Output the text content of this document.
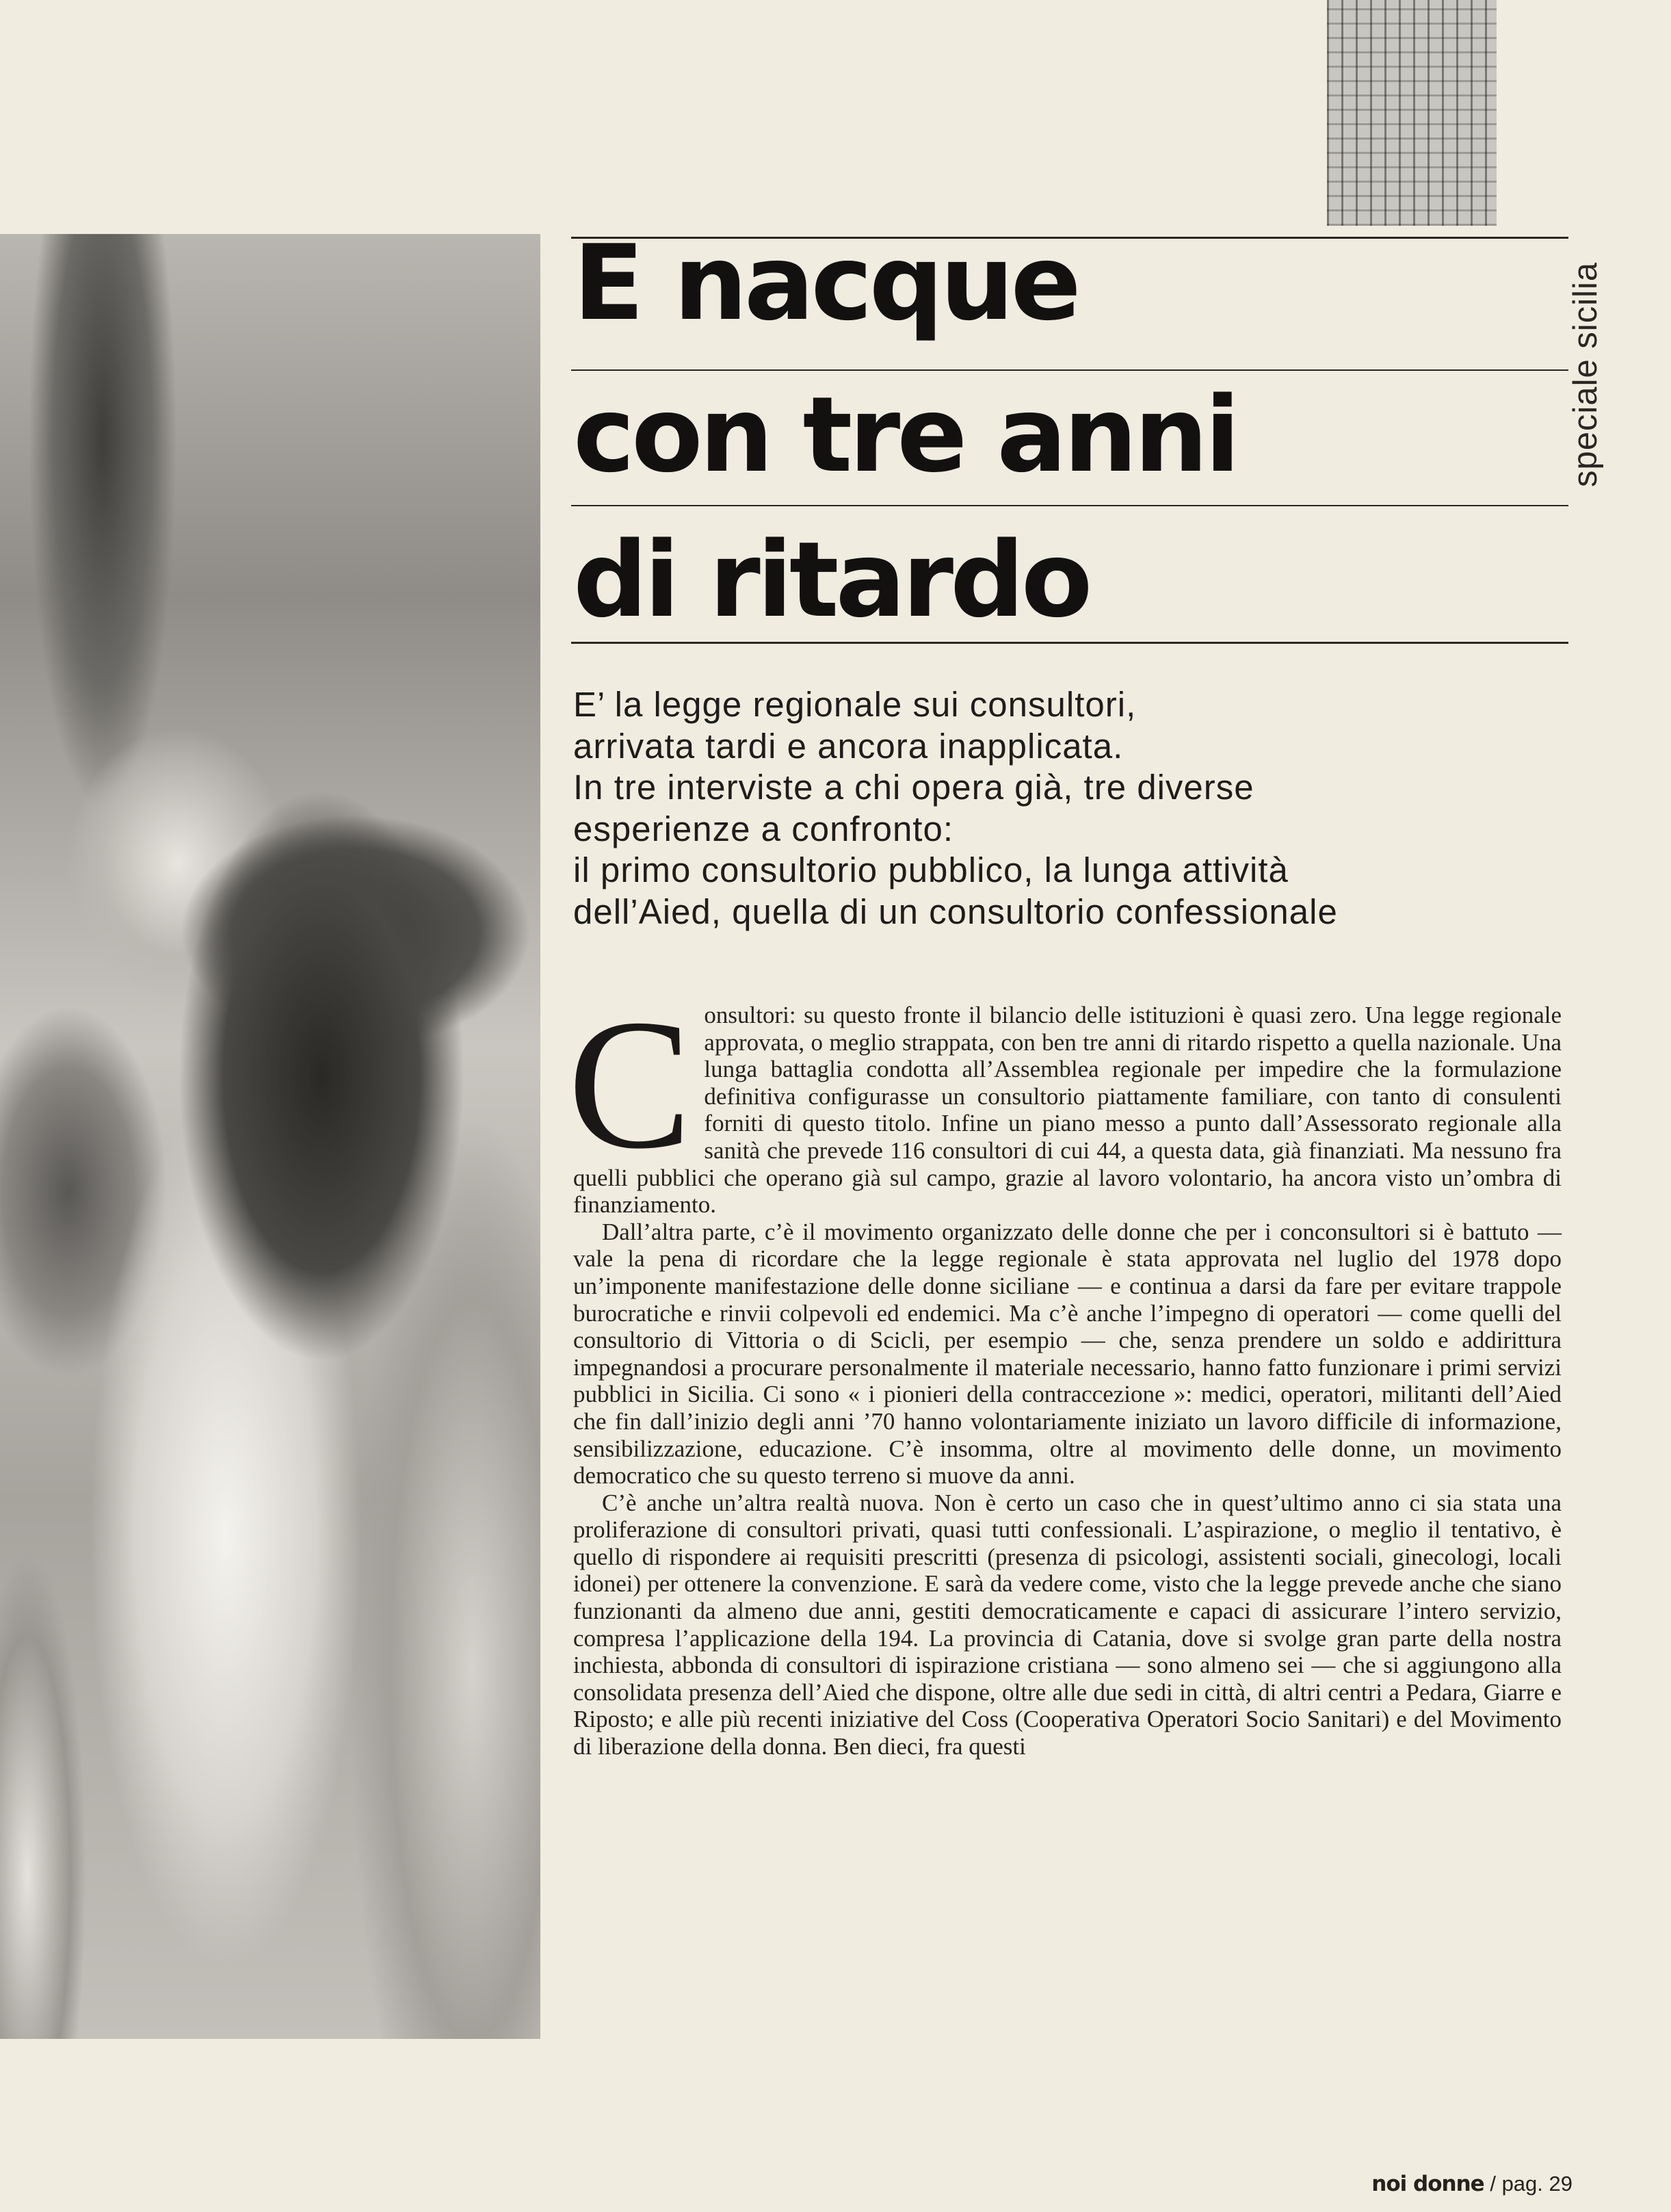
E nacque
con tre anni
di ritardo
speciale sicilia
E’ la legge regionale sui consultori,
arrivata tardi e ancora inapplicata.
In tre interviste a chi opera già, tre diverse
esperienze a confronto:
il primo consultorio pubblico, la lunga attività
dell’Aied, quella di un consultorio confessionale

Consultori: su questo fronte il bilancio delle istituzioni è quasi zero. Una legge regionale approvata, o meglio strappata, con ben tre anni di ritardo rispetto a quella nazionale. Una lunga battaglia condotta all’Assemblea regionale per impedire che la formulazione definitiva configurasse un consultorio piattamente familiare, con tanto di consulenti forniti di questo titolo. Infine un piano messo a punto dall’Assessorato regionale alla sanità che prevede 116 consultori di cui 44, a questa data, già finanziati. Ma nessuno fra quelli pubblici che operano già sul campo, grazie al lavoro volontario, ha ancora visto un’ombra di finanziamento.

Dall’altra parte, c’è il movimento organizzato delle donne che per i conconsultori si è battuto — vale la pena di ricordare che la legge regionale è stata approvata nel luglio del 1978 dopo un’imponente manifestazione delle donne siciliane — e continua a darsi da fare per evitare trappole burocratiche e rinvii colpevoli ed endemici. Ma c’è anche l’impegno di operatori — come quelli del consultorio di Vittoria o di Scicli, per esempio — che, senza prendere un soldo e addirittura impegnandosi a procurare personalmente il materiale necessario, hanno fatto funzionare i primi servizi pubblici in Sicilia. Ci sono « i pionieri della contraccezione »: medici, operatori, militanti dell’Aied che fin dall’inizio degli anni ’70 hanno volontariamente iniziato un lavoro difficile di informazione, sensibilizzazione, educazione. C’è insomma, oltre al movimento delle donne, un movimento democratico che su questo terreno si muove da anni.

C’è anche un’altra realtà nuova. Non è certo un caso che in quest’ultimo anno ci sia stata una proliferazione di consultori privati, quasi tutti confessionali. L’aspirazione, o meglio il tentativo, è quello di rispondere ai requisiti prescritti (presenza di psicologi, assistenti sociali, ginecologi, locali idonei) per ottenere la convenzione. E sarà da vedere come, visto che la legge prevede anche che siano funzionanti da almeno due anni, gestiti democraticamente e capaci di assicurare l’intero servizio, compresa l’applicazione della 194. La provincia di Catania, dove si svolge gran parte della nostra inchiesta, abbonda di consultori di ispirazione cristiana — sono almeno sei — che si aggiungono alla consolidata presenza dell’Aied che dispone, oltre alle due sedi in città, di altri centri a Pedara, Giarre e Riposto; e alle più recenti iniziative del Coss (Cooperativa Operatori Socio Sanitari) e del Movimento di liberazione della donna. Ben dieci, fra questi

noi donne / pag. 29
